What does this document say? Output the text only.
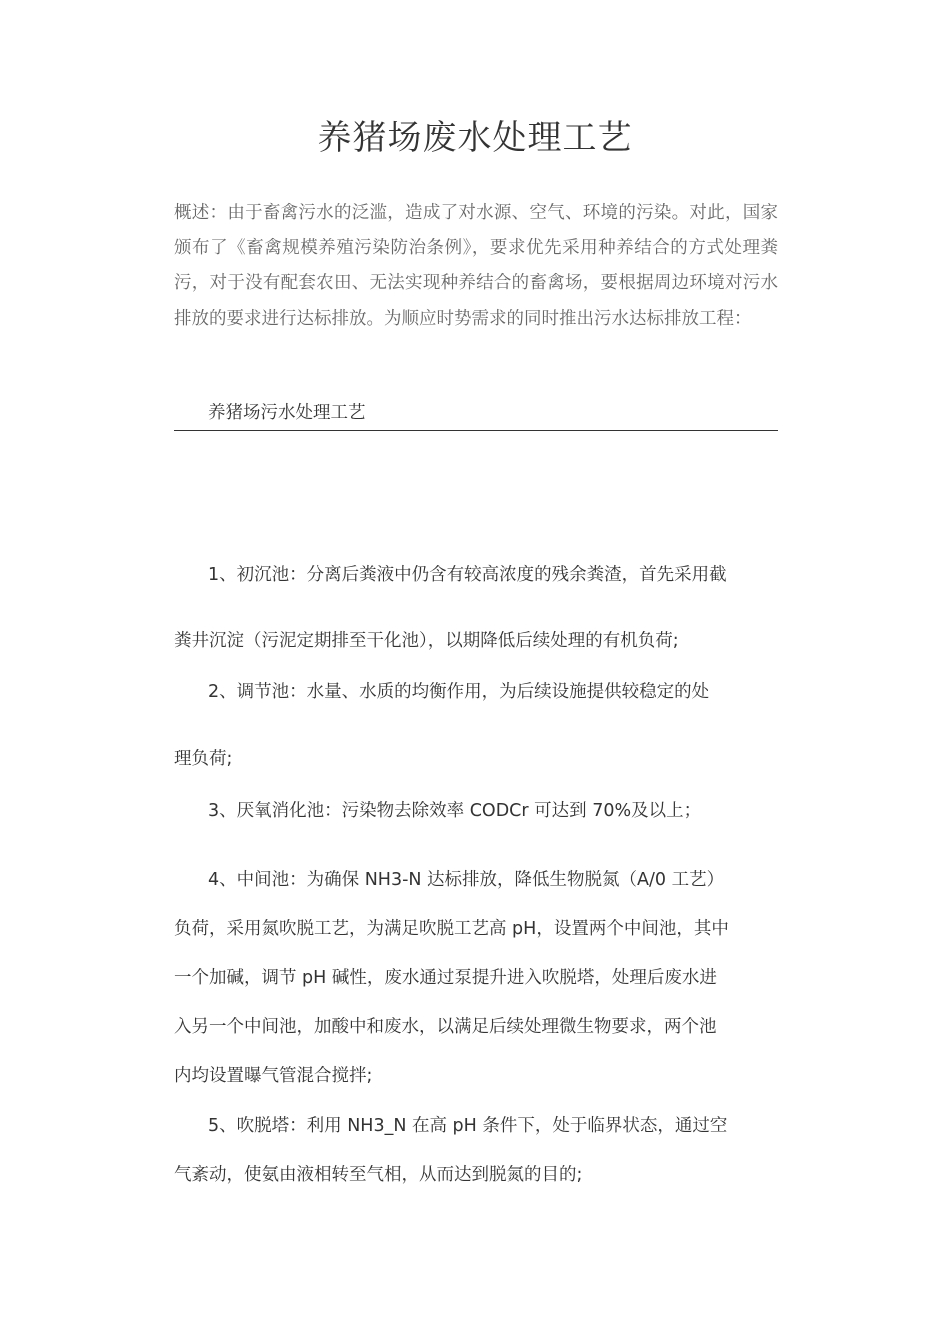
养猪场废水处理工艺
概述：由于畜禽污水的泛滥，造成了对水源、空气、环境的污染。对此，国家颁布了《畜禽规模养殖污染防治条例》，要求优先采用种养结合的方式处理粪污，对于没有配套农田、无法实现种养结合的畜禽场，要根据周边环境对污水排放的要求进行达标排放。为顺应时势需求的同时推出污水达标排放工程：
养猪场污水处理工艺
1、初沉池：分离后粪液中仍含有较高浓度的残余粪渣，首先采用截
粪井沉淀（污泥定期排至干化池），以期降低后续处理的有机负荷;
2、调节池：水量、水质的均衡作用，为后续设施提供较稳定的处
理负荷;
3、厌氧消化池：污染物去除效率 CODCr 可达到 70%及以上；
4、中间池：为确保 NH3-N 达标排放，降低生物脱氮（A/0 工艺）
负荷，采用氮吹脱工艺，为满足吹脱工艺高 pH，设置两个中间池，其中
一个加碱，调节 pH 碱性，废水通过泵提升进入吹脱塔，处理后废水进
入另一个中间池，加酸中和废水，以满足后续处理微生物要求，两个池
内均设置曝气管混合搅拌;
5、吹脱塔：利用 NH3_N 在高 pH 条件下，处于临界状态，通过空
气紊动，使氨由液相转至气相，从而达到脱氮的目的;
